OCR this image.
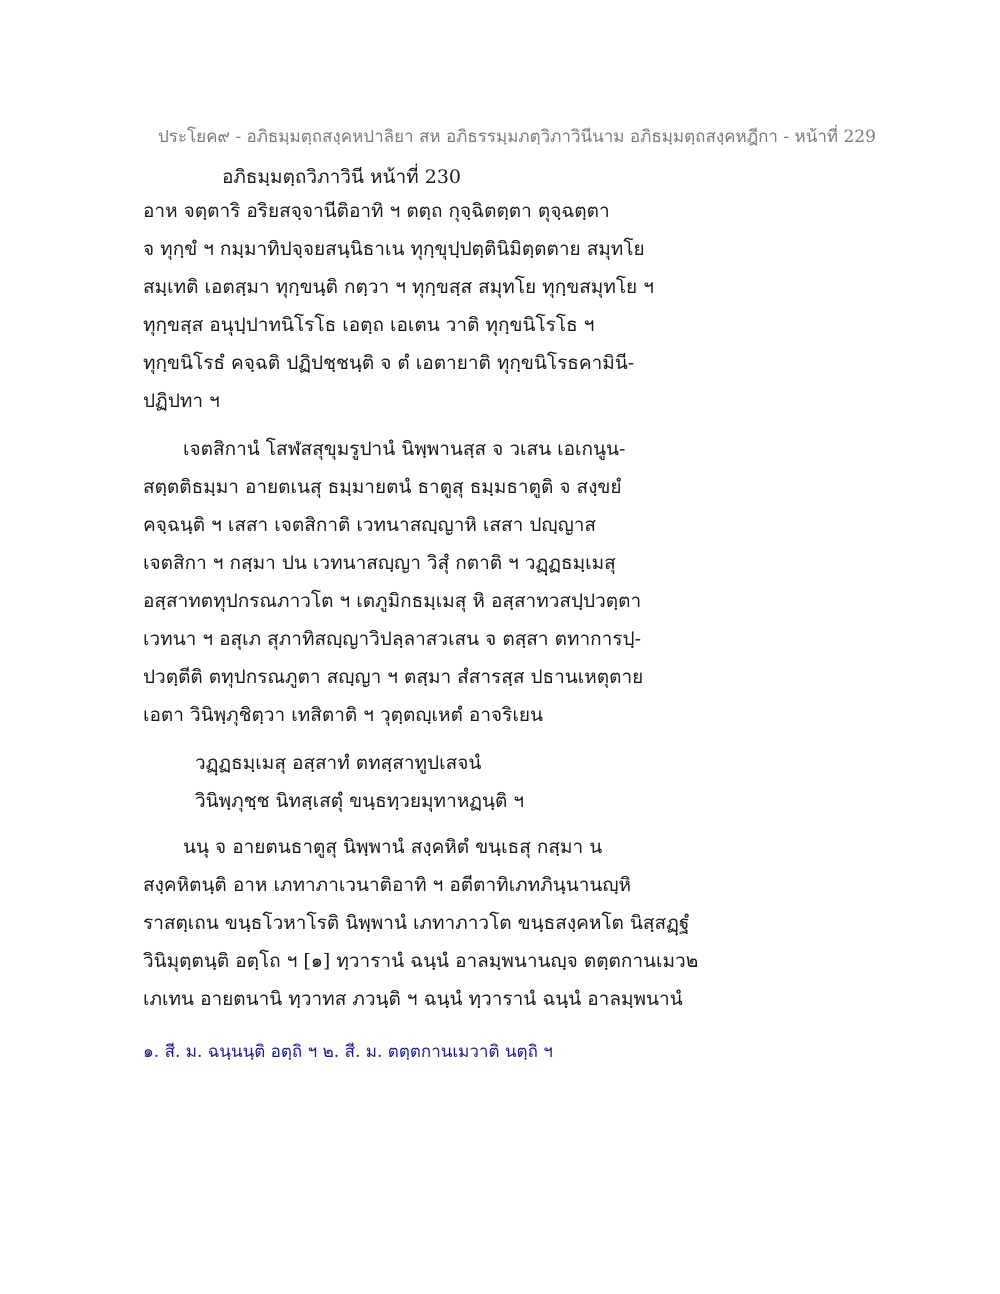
ประโยค๙ - อภิธมฺมตฺถสงฺคหปาลิยา สห อภิธรรมฺมภตฺวิภาวินีนาม อภิธมฺมตฺถสงฺคหฎีกา - หน้าที่ 229
อภิธมฺมตฺถวิภาวินี หน้าที่ 230
อาห จตฺตาริ อริยสจฺจานีติอาทิ ฯ ตตฺถ กุจฺฉิตตฺตา ตุจฺฉตฺตา
จ ทุกฺขํ ฯ กมฺมาทิปจฺจยสนฺนิธาเน ทุกฺขุปฺปตฺตินิมิตฺตตาย สมุทโย
สมฺเทติ เอตสฺมา ทุกฺขนฺติ กตฺวา ฯ ทุกฺขสฺส สมุทโย ทุกฺขสมุทโย ฯ
ทุกฺขสฺส อนุปฺปาทนิโรโธ เอตฺถ เอเตน วาติ ทุกฺขนิโรโธ ฯ
ทุกฺขนิโรธํ คจฺฉติ ปฏิปชฺชนฺติ จ ตํ เอตายาติ ทุกฺขนิโรธคามินี-
ปฏิปทา ฯ
เจตสิกานํ โสฬสสุขุมรูปานํ นิพฺพานสฺส จ วเสน เอเกนูน-
สตฺตติธมฺมา อายตเนสุ ธมฺมายตนํ ธาตูสุ ธมฺมธาตูติ จ สงฺขยํ
คจฺฉนฺติ ฯ เสสา เจตสิกาติ เวทนาสญฺญาหิ เสสา ปญฺญาส
เจตสิกา ฯ กสฺมา ปน เวทนาสญฺญา วิสุํ กตาติ ฯ วฏฺฏธมฺเมสุ
อสฺสาทตทุปกรณภาวโต ฯ เตภูมิกธมฺเมสุ หิ อสฺสาทวสปฺปวตฺตา
เวทนา ฯ อสุเภ สุภาทิสญฺญาวิปลฺลาสวเสน จ ตสฺสา ตทาการปฺ-
ปวตฺตีติ ตทุปกรณภูตา สญฺญา ฯ ตสฺมา สํสารสฺส ปธานเหตุตาย
เอตา วินิพฺภุชิตฺวา เทสิตาติ ฯ วุตฺตญฺเหตํ อาจริเยน
วฏฺฏธมฺเมสุ อสฺสาทํ ตทสฺสาทูปเสจนํ
วินิพฺภุชฺช นิทสฺเสตุํ ขนฺธทฺวยมุทาหฏนฺติ ฯ
นนุ จ อายตนธาตูสุ นิพฺพานํ สงฺคหิตํ ขนฺเธสุ กสฺมา น
สงฺคหิตนฺติ อาห เภทาภาเวนาติอาทิ ฯ อตีตาทิเภทภินฺนานญฺหิ
ราสตฺเถน ขนฺธโวหาโรติ นิพฺพานํ เภทาภาวโต ขนฺธสงฺคหโต นิสฺสฏฺฐํ
วินิมุตฺตนฺติ อตฺโถ ฯ [๑] ทฺวารานํ ฉนฺนํ อาลมฺพนานญฺจ ตตฺตกานเมว๒
เภเทน อายตนานิ ทฺวาทส ภวนฺติ ฯ ฉนฺนํ ทฺวารานํ ฉนฺนํ อาลมฺพนานํ
๑. สี. ม. ฉนฺนนฺติ อตฺถิ ฯ ๒. สี. ม. ตตฺตกานเมวาติ นตฺถิ ฯ
